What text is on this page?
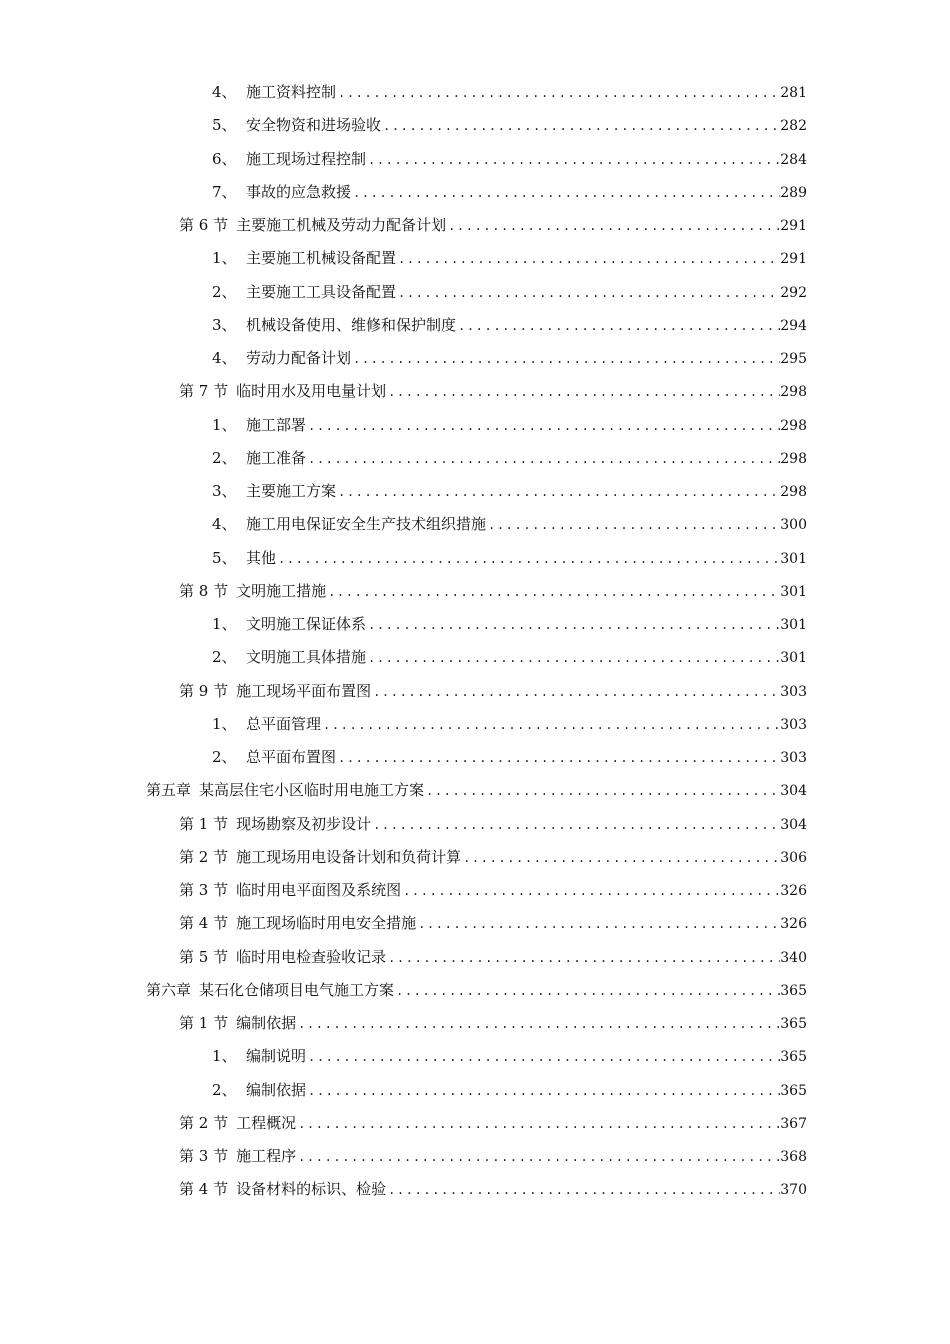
4、 施工资料控制 .....	281
5、 安全物资和进场验收 .....	282
6、 施工现场过程控制 .....	284
7、 事故的应急救援 .....	289
第 6 节 主要施工机械及劳动力配备计划 .....	291
1、 主要施工机械设备配置 .....	291
2、 主要施工工具设备配置 .....	292
3、 机械设备使用、维修和保护制度 .....	294
4、 劳动力配备计划 .....	295
第 7 节 临时用水及用电量计划 .....	298
1、 施工部署 .....	298
2、 施工准备 .....	298
3、 主要施工方案 .....	298
4、 施工用电保证安全生产技术组织措施 .....	300
5、 其他 .....	301
第 8 节 文明施工措施 .....	301
1、 文明施工保证体系 .....	301
2、 文明施工具体措施 .....	301
第 9 节 施工现场平面布置图 .....	303
1、 总平面管理 .....	303
2、 总平面布置图 .....	303
第五章 某高层住宅小区临时用电施工方案 .....	304
第 1 节 现场勘察及初步设计 .....	304
第 2 节 施工现场用电设备计划和负荷计算 .....	306
第 3 节 临时用电平面图及系统图 .....	326
第 4 节 施工现场临时用电安全措施 .....	326
第 5 节 临时用电检查验收记录 .....	340
第六章 某石化仓储项目电气施工方案 .....	365
第 1 节 编制依据 .....	365
1、 编制说明 .....	365
2、 编制依据 .....	365
第 2 节 工程概况 .....	367
第 3 节 施工程序 .....	368
第 4 节 设备材料的标识、检验 .....	370
